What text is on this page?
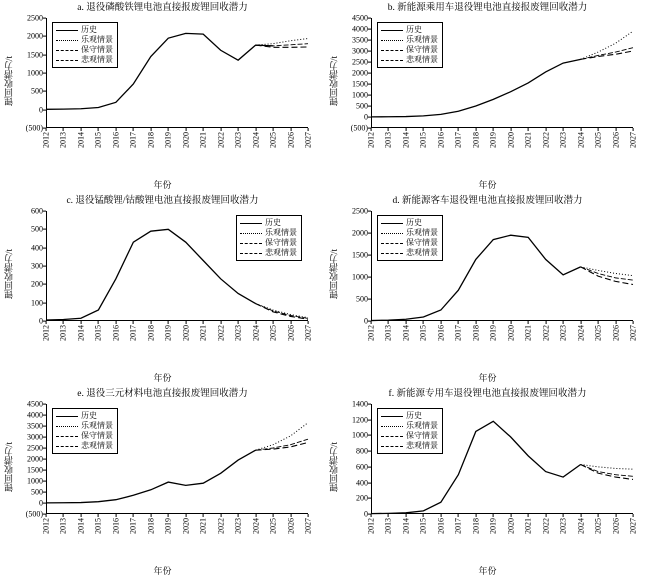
a. 退役磷酸铁锂电池直接报废锂回收潜力
锂回收潜力/t
年份
(500)
0
500
1000
1500
2000
2500
2012 2013 2014 2015 2016 2017 2018 2019 2020 2021 2022 2023 2024 2025 2026 2027
历史
乐观情景
保守情景
悲观情景
b. 新能源乘用车退役锂电池直接报废锂回收潜力
锂回收潜力/t
年份
(500)
0
500
1000
1500
2000
2500
3000
3500
4000
4500
2012 2013 2014 2015 2016 2017 2018 2019 2020 2021 2022 2023 2024 2025 2026 2027
历史
乐观情景
保守情景
悲观情景
c. 退役锰酸锂/钴酸锂电池直接报废锂回收潜力
锂回收潜力/t
年份
0
100
200
300
400
500
600
2012 2013 2014 2015 2016 2017 2018 2019 2020 2021 2022 2023 2024 2025 2026 2027
历史
乐观情景
保守情景
悲观情景
d. 新能源客车退役锂电池直接报废锂回收潜力
锂回收潜力/t
年份
0
500
1000
1500
2000
2500
2012 2013 2014 2015 2016 2017 2018 2019 2020 2021 2022 2023 2024 2025 2026 2027
历史
乐观情景
保守情景
悲观情景
e. 退役三元材料电池直接报废锂回收潜力
锂回收潜力/t
年份
(500)
0
500
1000
1500
2000
2500
3000
3500
4000
4500
2012 2013 2014 2015 2016 2017 2018 2019 2020 2021 2022 2023 2024 2025 2026 2027
历史
乐观情景
保守情景
悲观情景
f. 新能源专用车退役锂电池直接报废锂回收潜力
锂回收潜力/t
年份
0
200
400
600
800
1000
1200
1400
2012 2013 2014 2015 2016 2017 2018 2019 2020 2021 2022 2023 2024 2025 2026 2027
历史
乐观情景
保守情景
悲观情景
